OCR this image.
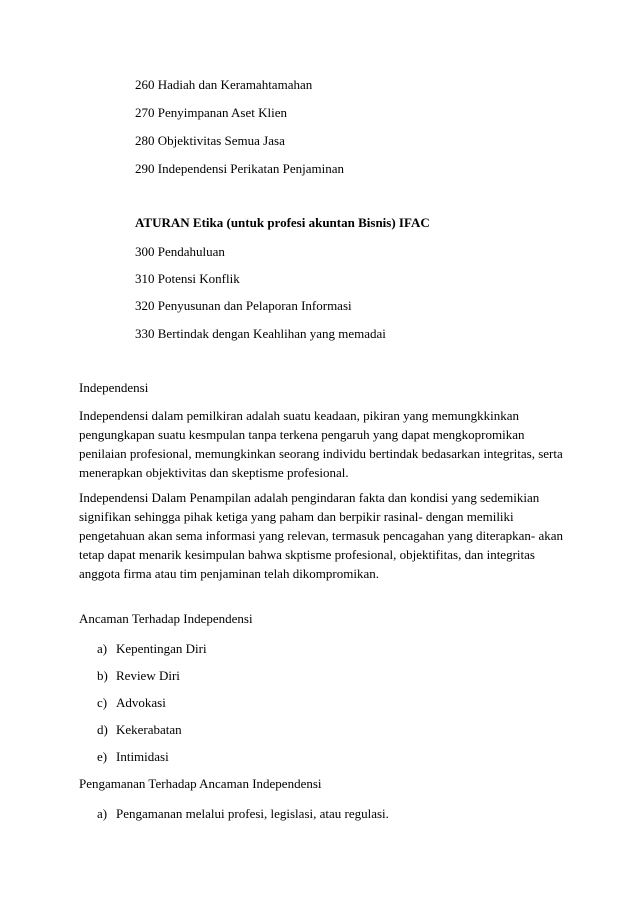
260 Hadiah dan Keramahtamahan
270 Penyimpanan Aset Klien
280 Objektivitas Semua Jasa
290 Independensi Perikatan Penjaminan
ATURAN Etika (untuk profesi akuntan Bisnis) IFAC
300 Pendahuluan
310 Potensi Konflik
320 Penyusunan dan Pelaporan Informasi
330 Bertindak dengan Keahlihan yang memadai
Independensi
Independensi dalam pemilkiran adalah suatu keadaan, pikiran yang memungkkinkan
pengungkapan suatu kesmpulan tanpa terkena pengaruh yang dapat mengkopromikan
penilaian profesional, memungkinkan seorang individu bertindak bedasarkan integritas, serta
menerapkan objektivitas dan skeptisme profesional.
Independensi Dalam Penampilan adalah pengindaran fakta dan kondisi yang sedemikian
signifikan sehingga pihak ketiga yang paham dan berpikir rasinal- dengan memiliki
pengetahuan akan sema informasi yang relevan, termasuk pencagahan yang diterapkan- akan
tetap dapat menarik kesimpulan bahwa skptisme profesional, objektifitas, dan integritas
anggota firma atau tim penjaminan telah dikompromikan.
Ancaman Terhadap Independensi
a) Kepentingan Diri
b) Review Diri
c) Advokasi
d) Kekerabatan
e) Intimidasi
Pengamanan Terhadap Ancaman Independensi
a) Pengamanan melalui profesi, legislasi, atau regulasi.
